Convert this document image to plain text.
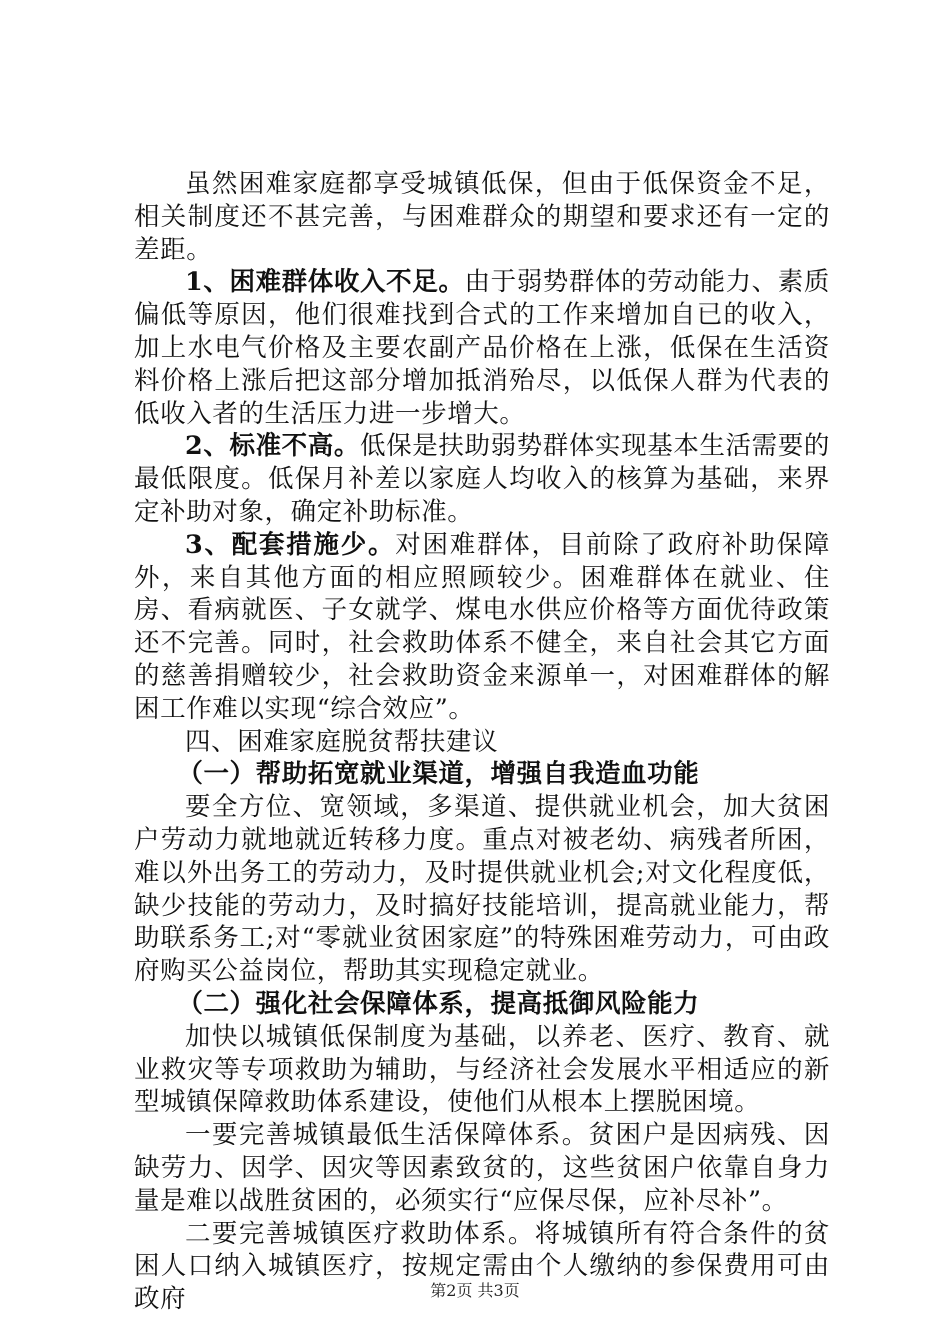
虽然困难家庭都享受城镇低保，但由于低保资金不足，相关制度还不甚完善，与困难群众的期望和要求还有一定的差距。

1、困难群体收入不足。由于弱势群体的劳动能力、素质偏低等原因，他们很难找到合式的工作来增加自已的收入，加上水电气价格及主要农副产品价格在上涨，低保在生活资料价格上涨后把这部分增加抵消殆尽，以低保人群为代表的低收入者的生活压力进一步增大。

2、标准不高。低保是扶助弱势群体实现基本生活需要的最低限度。低保月补差以家庭人均收入的核算为基础，来界定补助对象，确定补助标准。

3、配套措施少。对困难群体，目前除了政府补助保障外，来自其他方面的相应照顾较少。困难群体在就业、住房、看病就医、子女就学、煤电水供应价格等方面优待政策还不完善。同时，社会救助体系不健全，来自社会其它方面的慈善捐赠较少，社会救助资金来源单一，对困难群体的解困工作难以实现“综合效应”。

四、困难家庭脱贫帮扶建议

（一）帮助拓宽就业渠道，增强自我造血功能

要全方位、宽领域，多渠道、提供就业机会，加大贫困户劳动力就地就近转移力度。重点对被老幼、病残者所困，难以外出务工的劳动力，及时提供就业机会;对文化程度低，缺少技能的劳动力，及时搞好技能培训，提高就业能力，帮助联系务工;对“零就业贫困家庭”的特殊困难劳动力，可由政府购买公益岗位，帮助其实现稳定就业。

（二）强化社会保障体系，提高抵御风险能力

加快以城镇低保制度为基础，以养老、医疗、教育、就业救灾等专项救助为辅助，与经济社会发展水平相适应的新型城镇保障救助体系建设，使他们从根本上摆脱困境。

一要完善城镇最低生活保障体系。贫困户是因病残、因缺劳力、因学、因灾等因素致贫的，这些贫困户依靠自身力量是难以战胜贫困的，必须实行“应保尽保，应补尽补”。

二要完善城镇医疗救助体系。将城镇所有符合条件的贫困人口纳入城镇医疗，按规定需由个人缴纳的参保费用可由政府	第2页 共3页
